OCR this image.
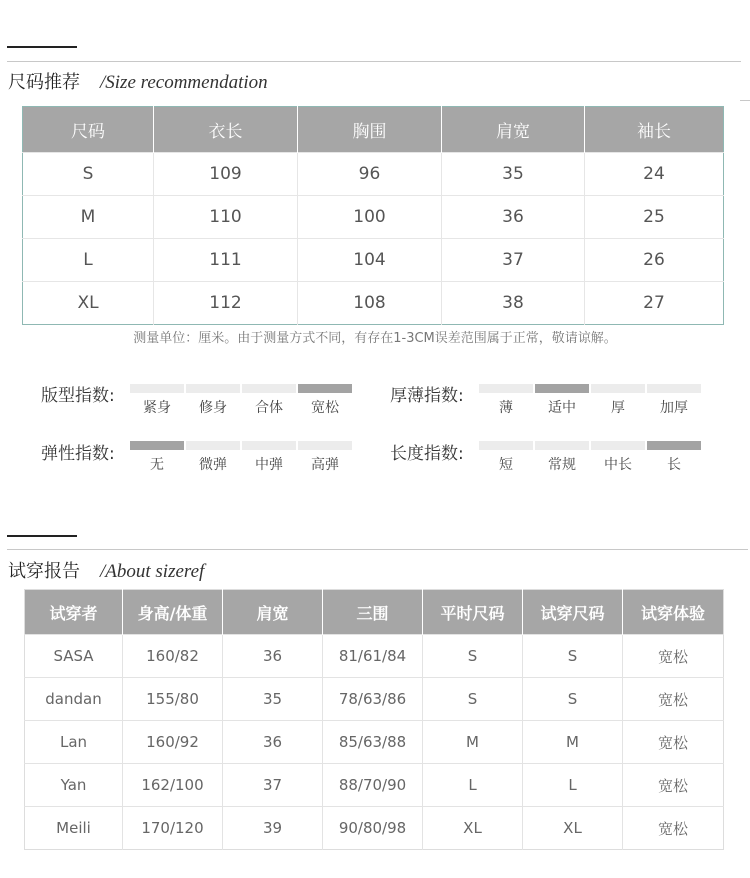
尺码推荐 /Size recommendation
尺码	衣长	胸围	肩宽	袖长
S	109	96	35	24
M	110	100	36	25
L	111	104	37	26
XL	112	108	38	27
测量单位：厘米。由于测量方式不同，有存在1-3CM误差范围属于正常，敬请谅解。
版型指数:
紧身	修身	合体	宽松
厚薄指数:
薄	适中	厚	加厚
弹性指数:
无	微弹	中弹	高弹
长度指数:
短	常规	中长	长
试穿报告 /About sizeref
试穿者	身高/体重	肩宽	三围	平时尺码	试穿尺码	试穿体验
SASA	160/82	36	81/61/84	S	S	宽松
dandan	155/80	35	78/63/86	S	S	宽松
Lan	160/92	36	85/63/88	M	M	宽松
Yan	162/100	37	88/70/90	L	L	宽松
Meili	170/120	39	90/80/98	XL	XL	宽松
